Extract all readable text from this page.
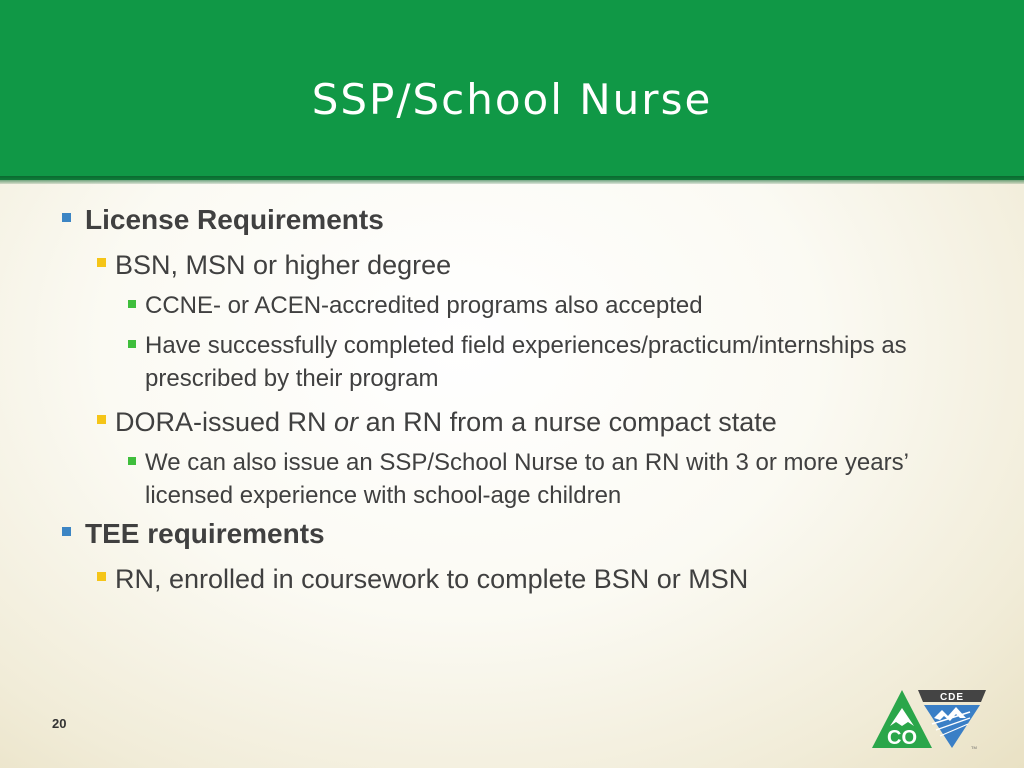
SSP/School Nurse
License Requirements
BSN, MSN or higher degree
CCNE- or ACEN-accredited programs also accepted
Have successfully completed field experiences/practicum/internships as prescribed by their program
DORA-issued RN or an RN from a nurse compact state
We can also issue an SSP/School Nurse to an RN with 3 or more years’ licensed experience with school-age children
TEE requirements
RN, enrolled in coursework to complete BSN or MSN
20
CO
CDE
TM
